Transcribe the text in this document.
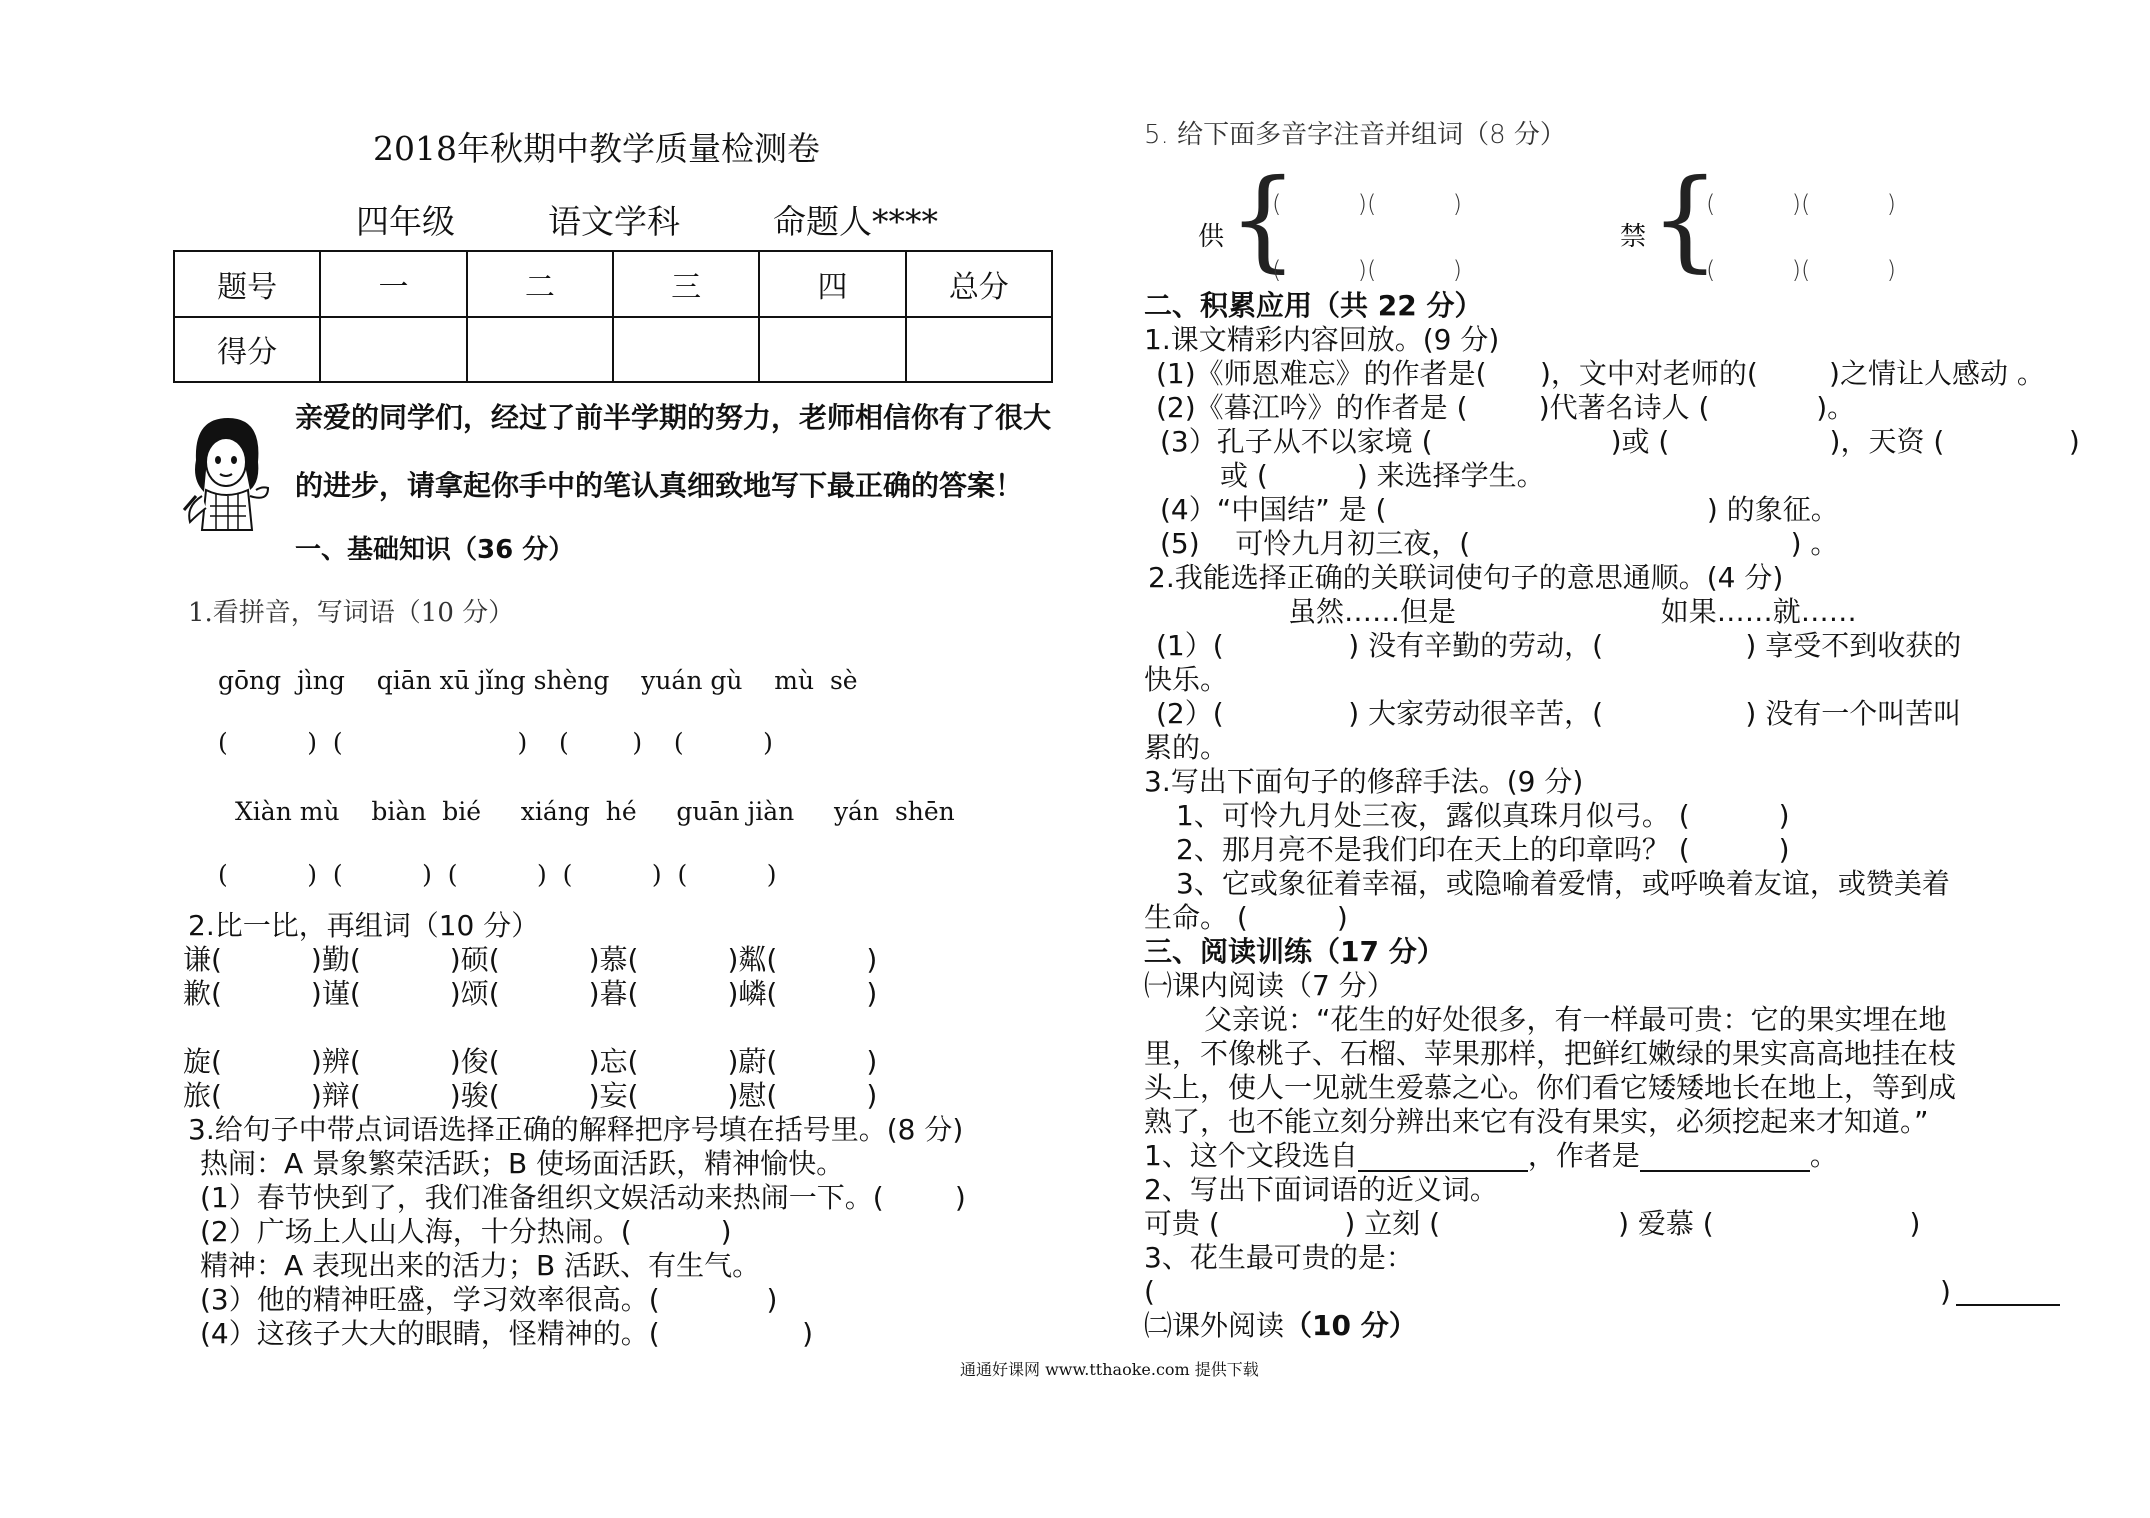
2018年秋期中教学质量检测卷
四年级	语文学科	命题人****
题号	一	二	三	四	总分
得分					
亲爱的同学们，经过了前半学期的努力，老师相信你有了很大
的进步，请拿起你手中的笔认真细致地写下最正确的答案！
一、基础知识（36 分）
1.看拼音，写词语（10 分）
gōng  jìng    qiān xū jǐng shèng    yuán gù    mù  sè
(          )  (                      )    (        )    (          )
Xiàn mù    biàn  bié     xiáng  hé     guān jiàn     yán  shēn
(          )  (          )  (          )  (          )  (          )
2.比一比，再组词（10 分）
谦(          )勤(          )硕(          )慕(          )粼(          )
歉(          )谨(          )颂(          )暮(          )嶙(          )
旋(          )辨(          )俊(          )忘(          )蔚(          )
旅(          )辩(          )骏(          )妄(          )慰(          )
3.给句子中带点词语选择正确的解释把序号填在括号里。(8 分)
热闹：A 景象繁荣活跃；B 使场面活跃，精神愉快。
(1）春节快到了，我们准备组织文娱活动来热闹一下。(        )
(2）广场上人山人海，十分热闹。(          )
精神：A 表现出来的活力；B 活跃、有生气。
(3）他的精神旺盛，学习效率很高。(            )
(4）这孩子大大的眼睛，怪精神的。(                )
5. 给下面多音字注音并组词（8 分）
供 {
(          )(          )
(          )(          )
禁 {
(          )(          )
(          )(          )
二、积累应用（共 22 分）
1.课文精彩内容回放。(9 分)
(1)《师恩难忘》的作者是(      )，文中对老师的(        )之情让人感动 。
(2)《暮江吟》的作者是 (        )代著名诗人 (            )。
(3）孔子从不以家境 (                    )或 (                  )，天资 (              )
或 (          ) 来选择学生。
(4）“中国结” 是 (                                    ) 的象征。
(5)    可怜九月初三夜，(                                    ) 。
2.我能选择正确的关联词使句子的意思通顺。(4 分)
虽然……但是                       如果……就……
(1）(              ) 没有辛勤的劳动，(                ) 享受不到收获的
快乐。
(2）(              ) 大家劳动很辛苦，(                ) 没有一个叫苦叫
累的。
3.写出下面句子的修辞手法。(9 分)
1、可怜九月处三夜，露似真珠月似弓。 (          )
2、那月亮不是我们印在天上的印章吗？ (          )
3、它或象征着幸福，或隐喻着爱情，或呼唤着友谊，或赞美着
生命。 (          )
三、阅读训练（17 分）
㈠课内阅读（7 分）
父亲说：“花生的好处很多，有一样最可贵：它的果实埋在地
里，不像桃子、石榴、苹果那样，把鲜红嫩绿的果实高高地挂在枝
头上，使人一见就生爱慕之心。你们看它矮矮地长在地上，等到成
熟了，也不能立刻分辨出来它有没有果实，必须挖起来才知道。”
1、这个文段选自	，作者是	。
2、写出下面词语的近义词。
可贵 (              ) 立刻 (                    ) 爱慕 (                      )
3、花生最可贵的是：
(	)
㈡课外阅读（10 分）
通通好课网 www.tthaoke.com 提供下载
